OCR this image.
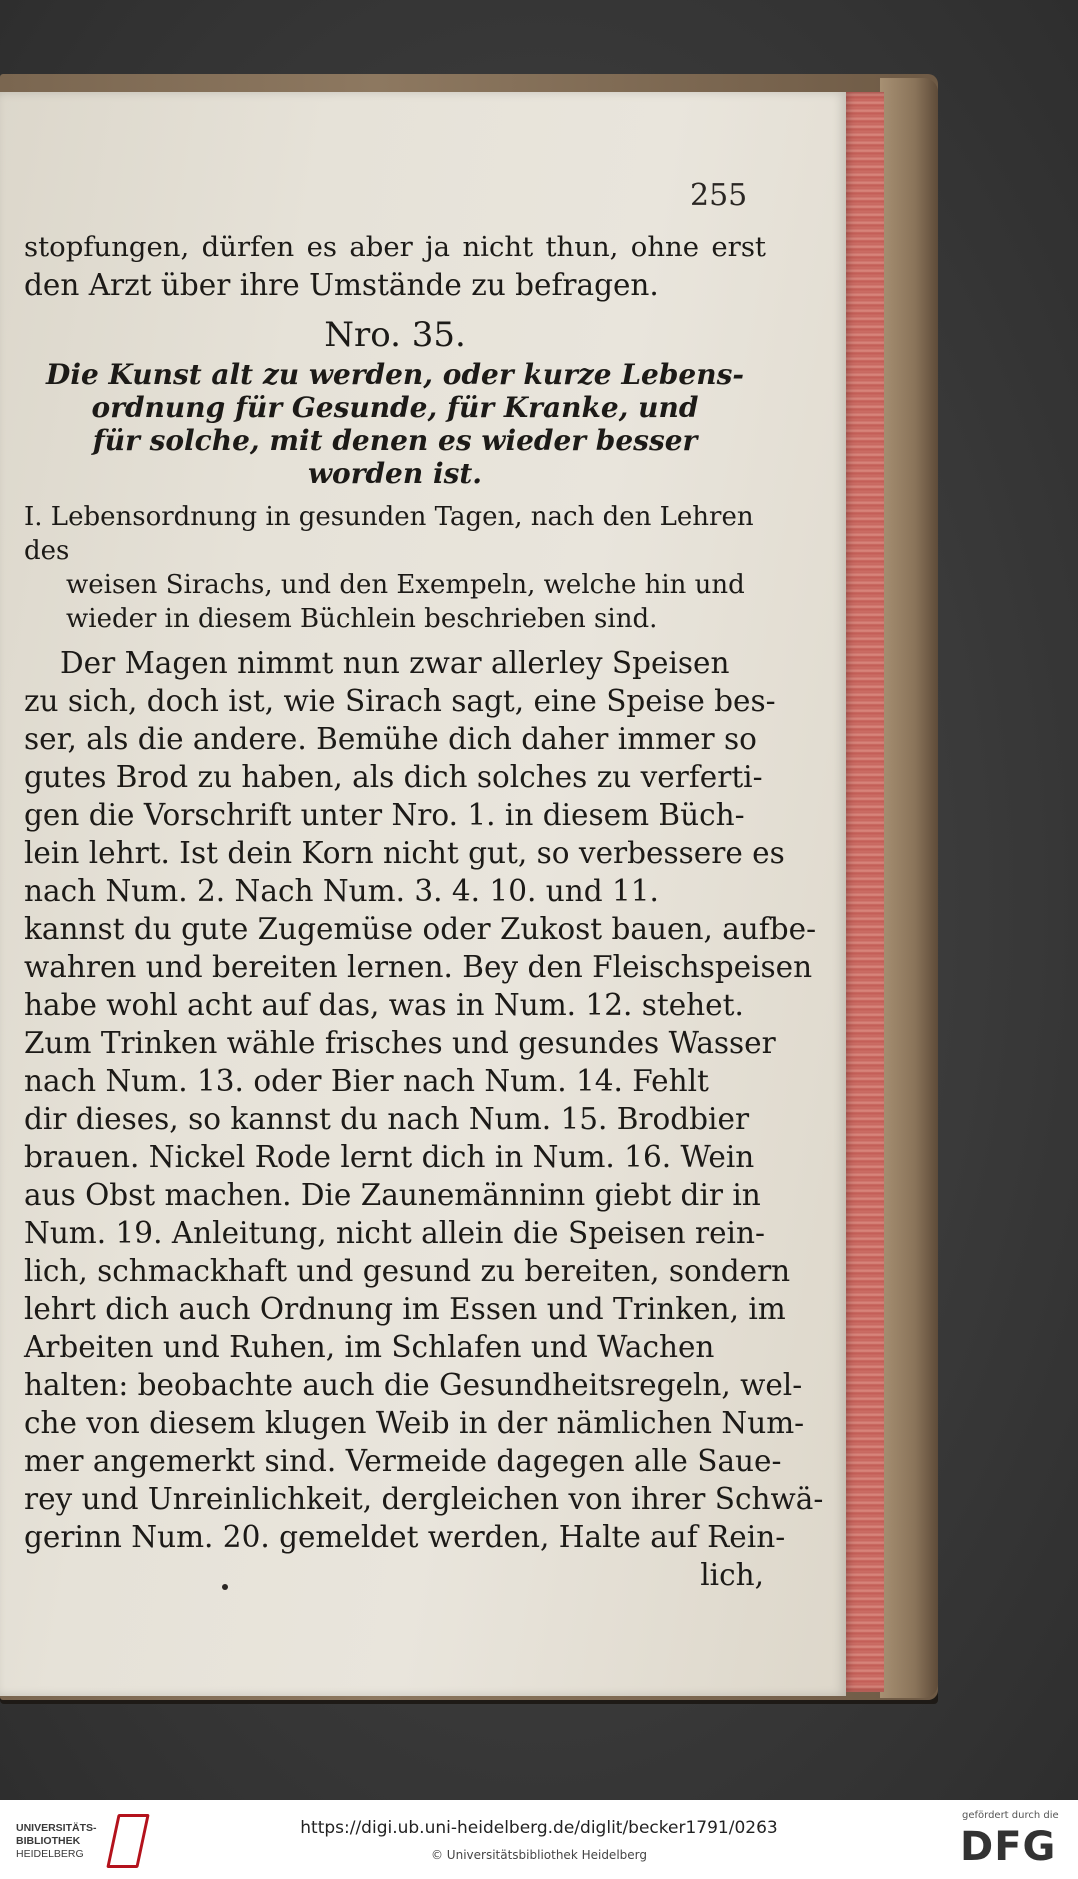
255
stopfungen, dürfen es aber ja nicht thun, ohne erst
den Arzt über ihre Umstände zu befragen.
Nro. 35.
Die Kunst alt zu werden, oder kurze Lebens-
ordnung für Gesunde, für Kranke, und
für solche, mit denen es wieder besser
worden ist.
I. Lebensordnung in gesunden Tagen, nach den Lehren des
weisen Sirachs, und den Exempeln, welche hin und
wieder in diesem Büchlein beschrieben sind.
Der Magen nimmt nun zwar allerley Speisen
zu sich, doch ist, wie Sirach sagt, eine Speise bes-
ser, als die andere. Bemühe dich daher immer so
gutes Brod zu haben, als dich solches zu verferti-
gen die Vorschrift unter Nro. 1. in diesem Büch-
lein lehrt. Ist dein Korn nicht gut, so verbessere es
nach Num. 2. Nach Num. 3. 4. 10. und 11.
kannst du gute Zugemüse oder Zukost bauen, aufbe-
wahren und bereiten lernen. Bey den Fleischspeisen
habe wohl acht auf das, was in Num. 12. stehet.
Zum Trinken wähle frisches und gesundes Wasser
nach Num. 13. oder Bier nach Num. 14. Fehlt
dir dieses, so kannst du nach Num. 15. Brodbier
brauen. Nickel Rode lernt dich in Num. 16. Wein
aus Obst machen. Die Zaunemänninn giebt dir in
Num. 19. Anleitung, nicht allein die Speisen rein-
lich, schmackhaft und gesund zu bereiten, sondern
lehrt dich auch Ordnung im Essen und Trinken, im
Arbeiten und Ruhen, im Schlafen und Wachen
halten: beobachte auch die Gesundheitsregeln, wel-
che von diesem klugen Weib in der nämlichen Num-
mer angemerkt sind. Vermeide dagegen alle Saue-
rey und Unreinlichkeit, dergleichen von ihrer Schwä-
gerinn Num. 20. gemeldet werden, Halte auf Rein-
lich,
UNIVERSITÄTS-
BIBLIOTHEK
HEIDELBERG
https://digi.ub.uni-heidelberg.de/diglit/becker1791/0263
© Universitätsbibliothek Heidelberg
gefördert durch die
DFG
